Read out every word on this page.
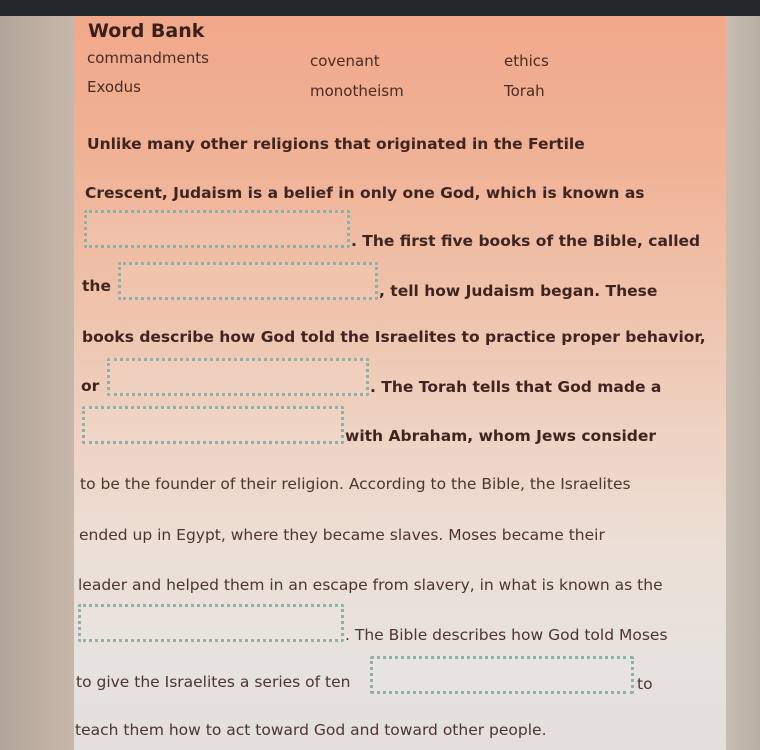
Word Bank
commandments	covenant	ethics
Exodus	monotheism	Torah
Unlike many other religions that originated in the Fertile
Crescent, Judaism is a belief in only one God, which is known as
. The first five books of the Bible, called
the	, tell how Judaism began. These
books describe how God told the Israelites to practice proper behavior,
or	. The Torah tells that God made a
with Abraham, whom Jews consider
to be the founder of their religion. According to the Bible, the Israelites
ended up in Egypt, where they became slaves. Moses became their
leader and helped them in an escape from slavery, in what is known as the
. The Bible describes how God told Moses
to give the Israelites a series of ten	to
teach them how to act toward God and toward other people.
